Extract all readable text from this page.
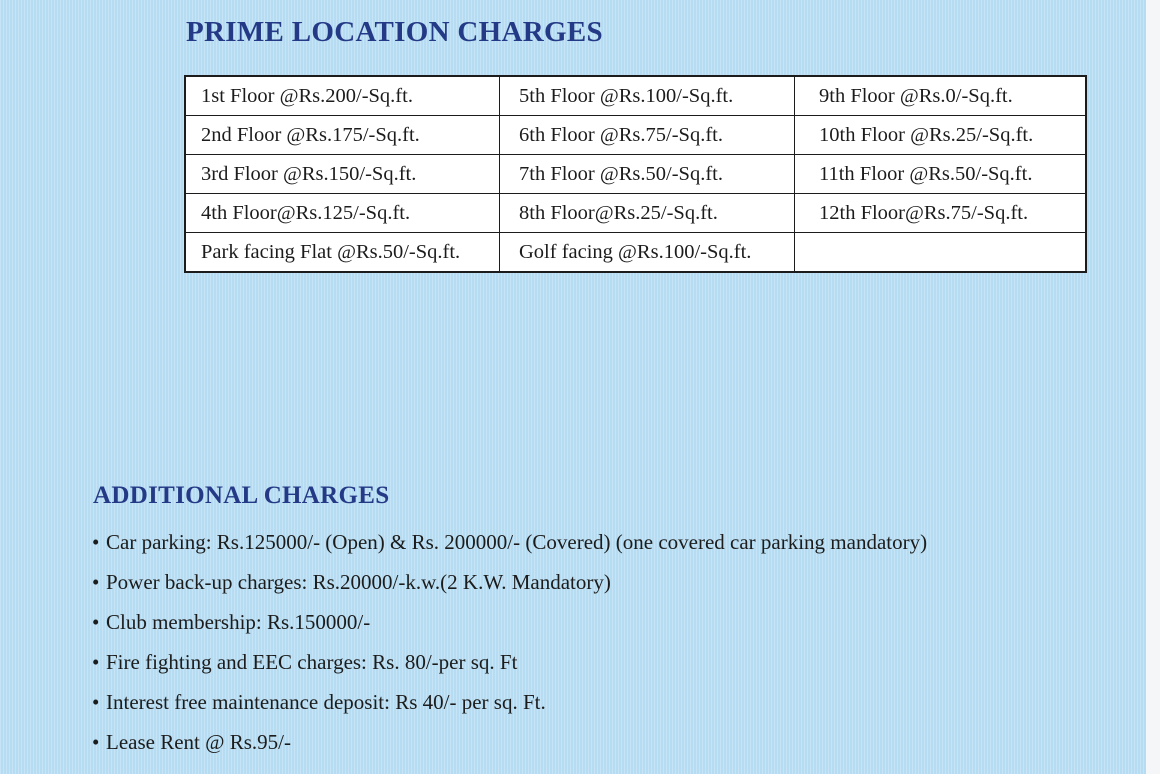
PRIME LOCATION CHARGES
1st Floor @Rs.200/-Sq.ft.	5th Floor @Rs.100/-Sq.ft.	9th Floor @Rs.0/-Sq.ft.
2nd Floor @Rs.175/-Sq.ft.	6th Floor @Rs.75/-Sq.ft.	10th Floor @Rs.25/-Sq.ft.
3rd Floor @Rs.150/-Sq.ft.	7th Floor @Rs.50/-Sq.ft.	11th Floor @Rs.50/-Sq.ft.
4th Floor@Rs.125/-Sq.ft.	8th Floor@Rs.25/-Sq.ft.	12th Floor@Rs.75/-Sq.ft.
Park facing Flat @Rs.50/-Sq.ft.	Golf facing @Rs.100/-Sq.ft.	
ADDITIONAL CHARGES
• Car parking: Rs.125000/- (Open) & Rs. 200000/- (Covered) (one covered car parking mandatory)
• Power back-up charges: Rs.20000/-k.w.(2 K.W. Mandatory)
• Club membership: Rs.150000/-
• Fire fighting and EEC charges: Rs. 80/-per sq. Ft
• Interest free maintenance deposit: Rs 40/- per sq. Ft.
• Lease Rent @ Rs.95/-
